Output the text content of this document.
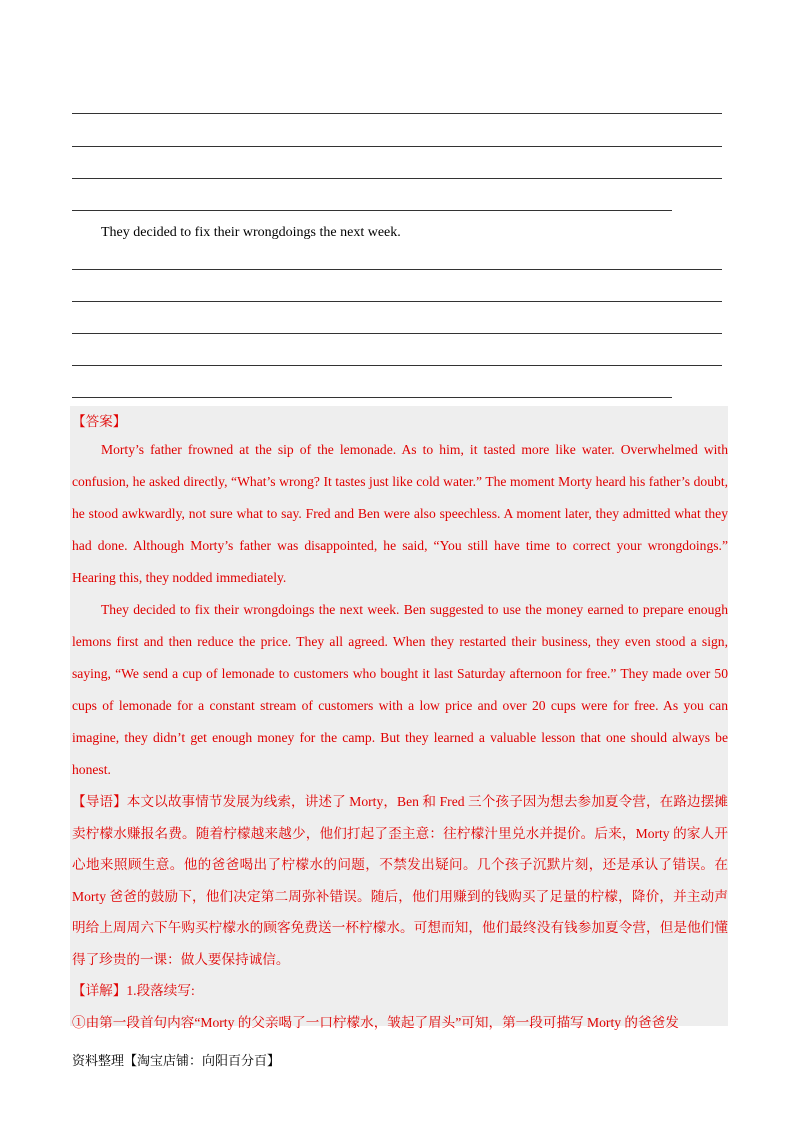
They decided to fix their wrongdoings the next week.
【答案】

Morty’s father frowned at the sip of the lemonade. As to him, it tasted more like water. Overwhelmed with confusion, he asked directly, “What’s wrong? It tastes just like cold water.” The moment Morty heard his father’s doubt, he stood awkwardly, not sure what to say. Fred and Ben were also speechless. A moment later, they admitted what they had done. Although Morty’s father was disappointed, he said, “You still have time to correct your wrongdoings.” Hearing this, they nodded immediately.

They decided to fix their wrongdoings the next week. Ben suggested to use the money earned to prepare enough lemons first and then reduce the price. They all agreed. When they restarted their business, they even stood a sign, saying, “We send a cup of lemonade to customers who bought it last Saturday afternoon for free.” They made over 50 cups of lemonade for a constant stream of customers with a low price and over 20 cups were for free. As you can imagine, they didn’t get enough money for the camp. But they learned a valuable lesson that one should always be honest.

【导语】本文以故事情节发展为线索，讲述了 Morty，Ben 和 Fred 三个孩子因为想去参加夏令营，在路边摆摊卖柠檬水赚报名费。随着柠檬越来越少，他们打起了歪主意：往柠檬汁里兑水并提价。后来，Morty 的家人开心地来照顾生意。他的爸爸喝出了柠檬水的问题，不禁发出疑问。几个孩子沉默片刻，还是承认了错误。在 Morty 爸爸的鼓励下，他们决定第二周弥补错误。随后，他们用赚到的钱购买了足量的柠檬，降价，并主动声明给上周周六下午购买柠檬水的顾客免费送一杯柠檬水。可想而知，他们最终没有钱参加夏令营，但是他们懂得了珍贵的一课：做人要保持诚信。

【详解】1.段落续写:

①由第一段首句内容“Morty 的父亲喝了一口柠檬水，皱起了眉头”可知，第一段可描写 Morty 的爸爸发

资料整理【淘宝店铺：向阳百分百】
